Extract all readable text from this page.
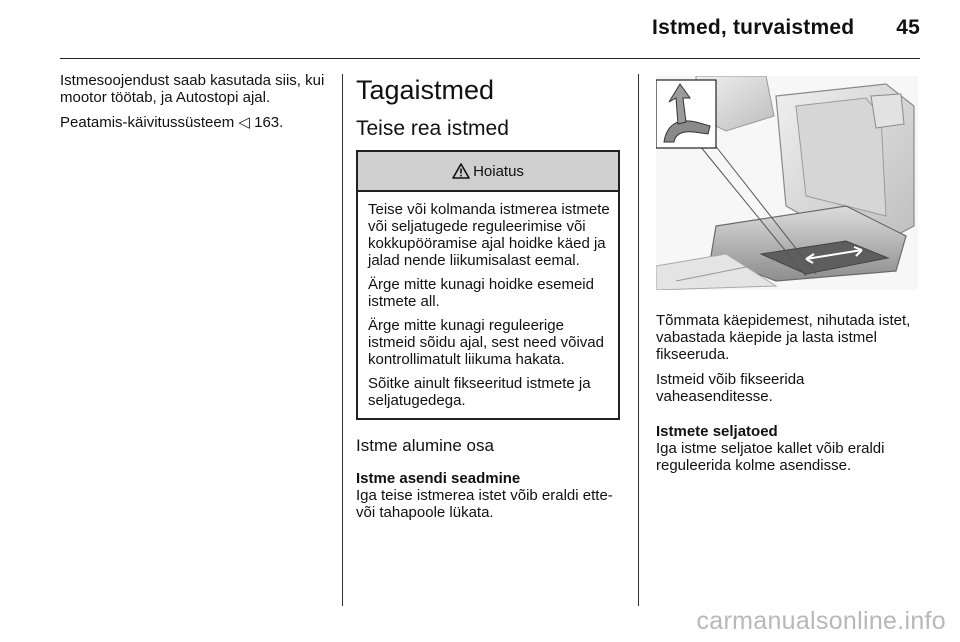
Istmed, turvaistmed 45

Istmesoojendust saab kasutada siis, kui mootor töötab, ja Autostopi ajal.

Peatamis-käivitussüsteem ◁ 163.

Tagaistmed
Teise rea istmed
Hoiatus

Teise või kolmanda istmerea istmete või seljatugede reguleerimise või kokkupööramise ajal hoidke käed ja jalad nende liikumisalast eemal.

Ärge mitte kunagi hoidke esemeid istmete all.

Ärge mitte kunagi reguleerige istmeid sõidu ajal, sest need võivad kontrollimatult liikuma hakata.

Sõitke ainult fikseeritud istmete ja seljatugedega.

Istme alumine osa
Istme asendi seadmine

Iga teise istmerea istet võib eraldi ette- või tahapoole lükata.

Tõmmata käepidemest, nihutada istet, vabastada käepide ja lasta istmel fikseeruda.

Istmeid võib fikseerida vaheasenditesse.

Istmete seljatoed

Iga istme seljatoe kallet võib eraldi reguleerida kolme asendisse.

carmanualsonline.info
